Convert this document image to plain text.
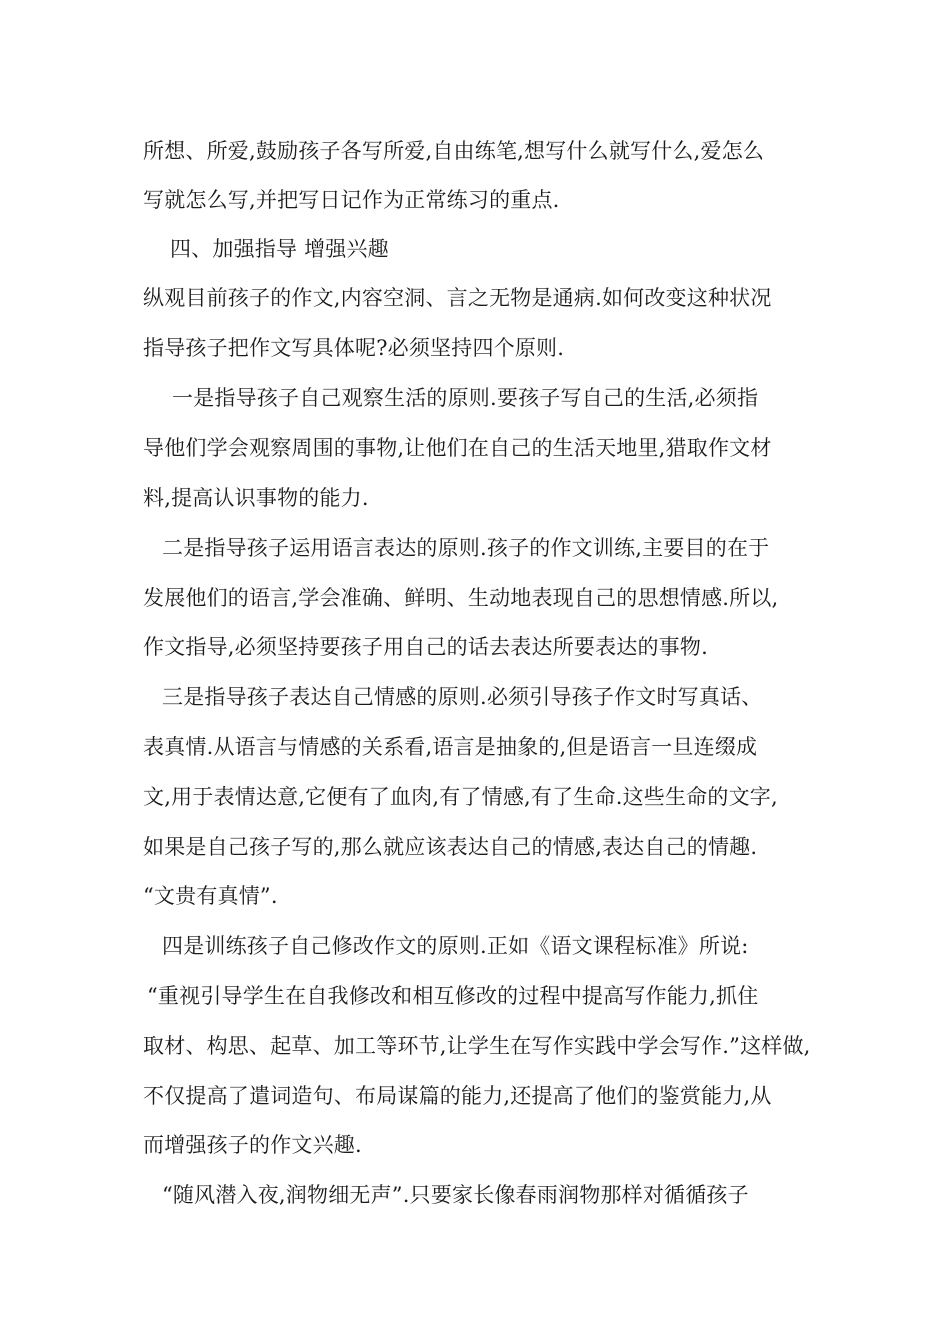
所想、所爱,鼓励孩子各写所爱,自由练笔,想写什么就写什么,爱怎么
写就怎么写,并把写日记作为正常练习的重点.
四、加强指导 增强兴趣
纵观目前孩子的作文,内容空洞、言之无物是通病.如何改变这种状况
指导孩子把作文写具体呢?必须坚持四个原则.
一是指导孩子自己观察生活的原则.要孩子写自己的生活,必须指
导他们学会观察周围的事物,让他们在自己的生活天地里,猎取作文材
料,提高认识事物的能力.
二是指导孩子运用语言表达的原则.孩子的作文训练,主要目的在于
发展他们的语言,学会准确、鲜明、生动地表现自己的思想情感.所以,
作文指导,必须坚持要孩子用自己的话去表达所要表达的事物.
三是指导孩子表达自己情感的原则.必须引导孩子作文时写真话、
表真情.从语言与情感的关系看,语言是抽象的,但是语言一旦连缀成
文,用于表情达意,它便有了血肉,有了情感,有了生命.这些生命的文字,
如果是自己孩子写的,那么就应该表达自己的情感,表达自己的情趣.
“文贵有真情”.
四是训练孩子自己修改作文的原则.正如《语文课程标准》所说:
“重视引导学生在自我修改和相互修改的过程中提高写作能力,抓住
取材、构思、起草、加工等环节,让学生在写作实践中学会写作.”这样做,
不仅提高了遣词造句、布局谋篇的能力,还提高了他们的鉴赏能力,从
而增强孩子的作文兴趣.
“随风潜入夜,润物细无声”.只要家长像春雨润物那样对循循孩子
